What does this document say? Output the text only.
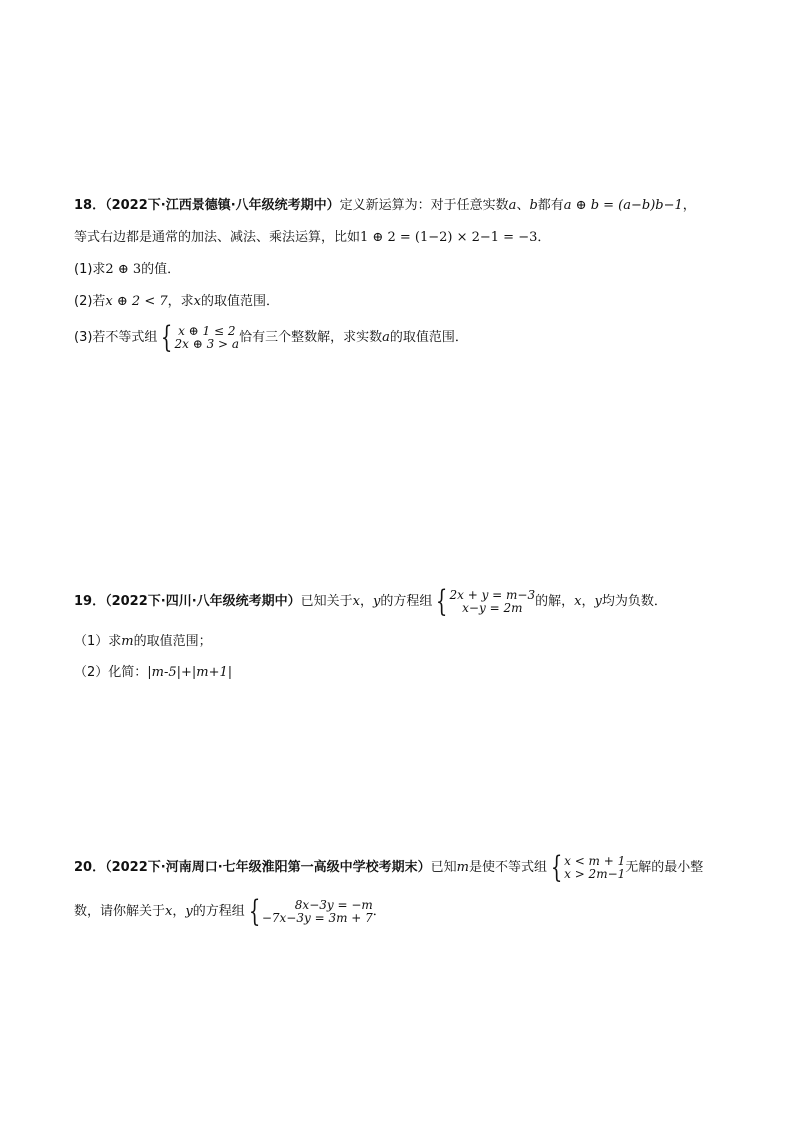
18．（2022下·江西景德镇·八年级统考期中）定义新运算为：对于任意实数a、b都有a ⊕ b = (a−b)b−1，
等式右边都是通常的加法、减法、乘法运算，比如1 ⊕ 2 = (1−2) × 2−1 = −3．
(1)求2 ⊕ 3的值．
(2)若x ⊕ 2 < 7，求x的取值范围．
(3)若不等式组 { x ⊕ 1 ≤ 2
2x ⊕ 3 > a 恰有三个整数解，求实数a的取值范围．
19．（2022下·四川·八年级统考期中）已知关于x，y的方程组 { 2x + y = m−3
x−y = 2m 的解，x，y均为负数．
（1）求m的取值范围；
（2）化简：|m-5|+|m+1|
20．（2022下·河南周口·七年级淮阳第一高级中学校考期末）已知m是使不等式组 { x < m + 1
x > 2m−1 无解的最小整
数，请你解关于x，y的方程组 {	8x−3y = −m
−7x−3y = 3m + 7 ．
